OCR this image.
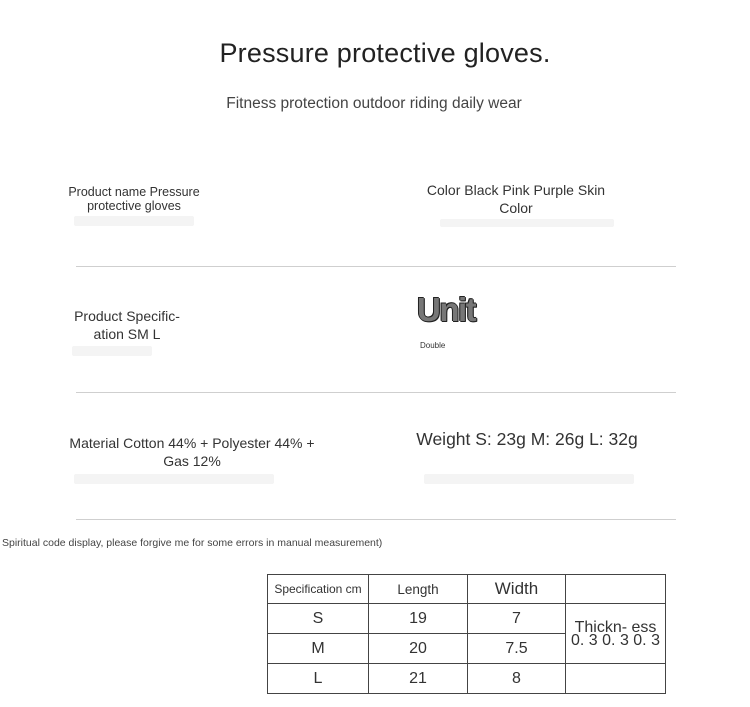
Pressure protective gloves.
Fitness protection outdoor riding daily wear
Product name Pressure protective gloves
Color Black Pink Purple Skin Color
Product Specific- ation SM L
Unit
Double
Material Cotton 44% + Polyester 44% + Gas 12%
Weight S: 23g M: 26g L: 32g
Spiritual code display, please forgive me for some errors in manual measurement)
Specification cm	Length	Width	
S	19	7	Thickn- ess 0. 3 0. 3 0. 3
M	20	7.5	
L	21	8	
